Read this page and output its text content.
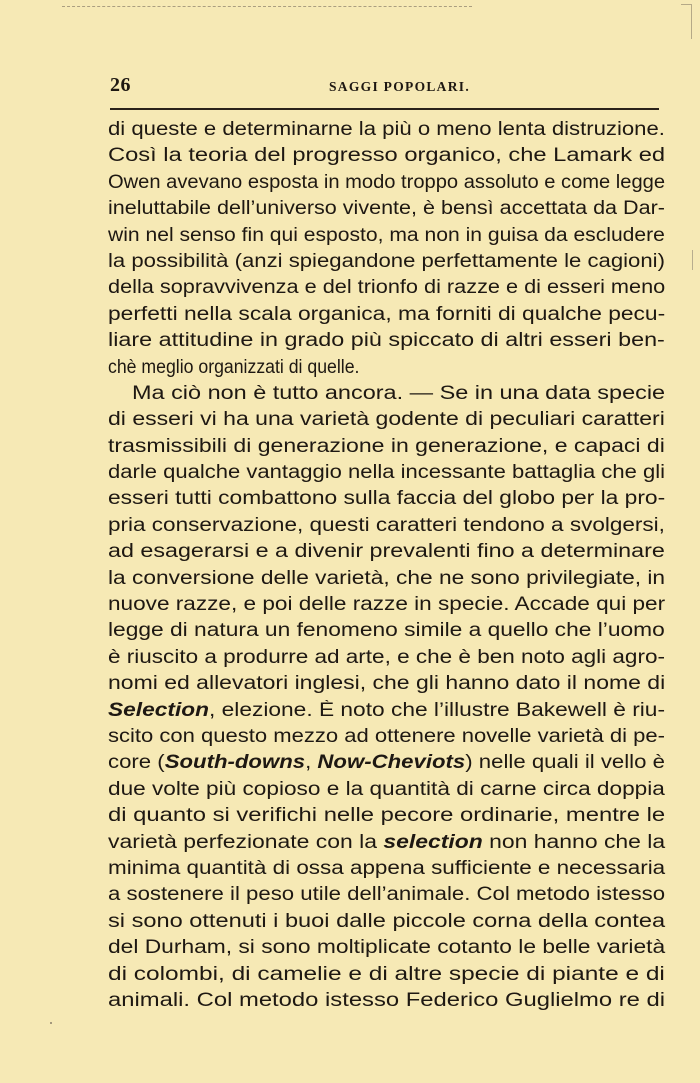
26	SAGGI POPOLARI.
di queste e determinarne la più o meno lenta distruzione.
Così la teoria del progresso organico, che Lamark ed
Owen avevano esposta in modo troppo assoluto e come legge
ineluttabile dell’universo vivente, è bensì accettata da Dar-
win nel senso fin qui esposto, ma non in guisa da escludere
la possibilità (anzi spiegandone perfettamente le cagioni)
della sopravvivenza e del trionfo di razze e di esseri meno
perfetti nella scala organica, ma forniti di qualche pecu-
liare attitudine in grado più spiccato di altri esseri ben-
chè meglio organizzati di quelle.
Ma ciò non è tutto ancora. — Se in una data specie
di esseri vi ha una varietà godente di peculiari caratteri
trasmissibili di generazione in generazione, e capaci di
darle qualche vantaggio nella incessante battaglia che gli
esseri tutti combattono sulla faccia del globo per la pro-
pria conservazione, questi caratteri tendono a svolgersi,
ad esagerarsi e a divenir prevalenti fino a determinare
la conversione delle varietà, che ne sono privilegiate, in
nuove razze, e poi delle razze in specie. Accade qui per
legge di natura un fenomeno simile a quello che l’uomo
è riuscito a produrre ad arte, e che è ben noto agli agro-
nomi ed allevatori inglesi, che gli hanno dato il nome di
Selection, elezione. È noto che l’illustre Bakewell è riu-
scito con questo mezzo ad ottenere novelle varietà di pe-
core (South-downs, Now-Cheviots) nelle quali il vello è
due volte più copioso e la quantità di carne circa doppia
di quanto si verifichi nelle pecore ordinarie, mentre le
varietà perfezionate con la selection non hanno che la
minima quantità di ossa appena sufficiente e necessaria
a sostenere il peso utile dell’animale. Col metodo istesso
si sono ottenuti i buoi dalle piccole corna della contea
del Durham, si sono moltiplicate cotanto le belle varietà
di colombi, di camelie e di altre specie di piante e di
animali. Col metodo istesso Federico Guglielmo re di
